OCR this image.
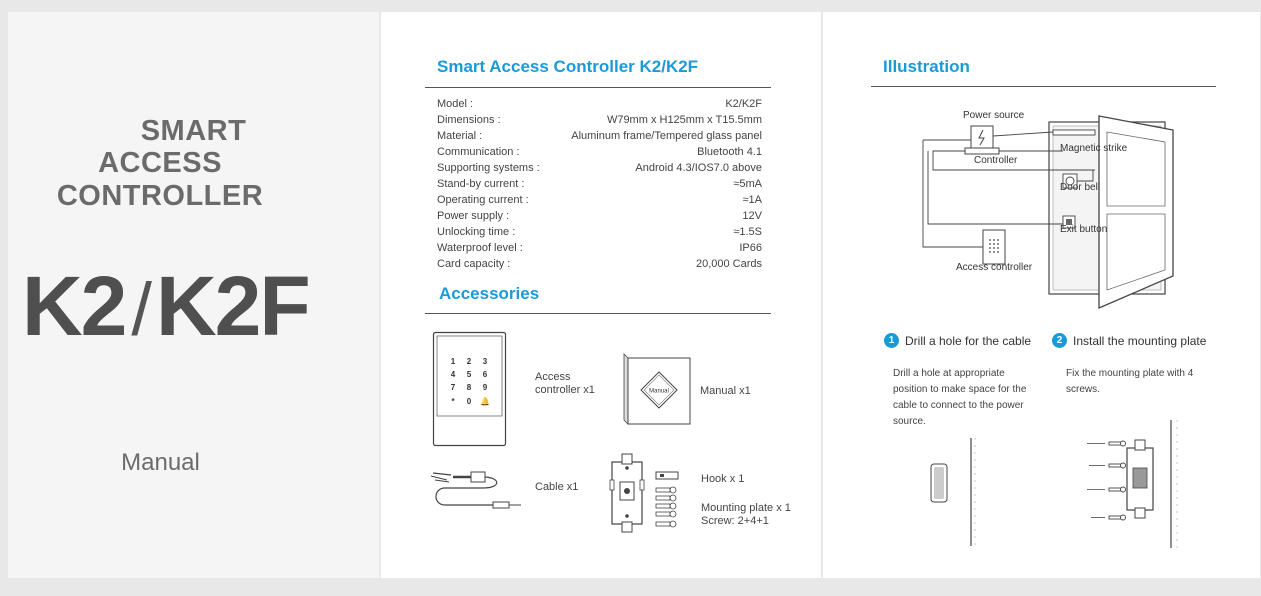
SMART
ACCESS CONTROLLER
K2/K2F
Manual
Smart Access Controller K2/K2F
Model :	K2/K2F
Dimensions :	W79mm x H125mm x T15.5mm
Material :	Aluminum frame/Tempered glass panel
Communication :	Bluetooth 4.1
Supporting systems :	Android 4.3/IOS7.0 above
Stand-by current :	≈5mA
Operating current :	≈1A
Power supply :	12V
Unlocking time :	≈1.5S
Waterproof level :	IP66
Card capacity :	20,000 Cards
Accessories
1 2 3
4 5 6
7 8 9
* 0 🔔
Access
controller x1	Manual	Manual x1
Cable x1
Hook x 1
Mounting plate x 1
Screw: 2+4+1
Illustration
Power source
Controller
Magnetic strike
Door bell
Exit button
Access controller
1 Drill a hole for the cable
Drill a hole at appropriate
position to make space for the
cable to connect to the power
source.
2 Install the mounting plate
Fix the mounting plate with 4
screws.
